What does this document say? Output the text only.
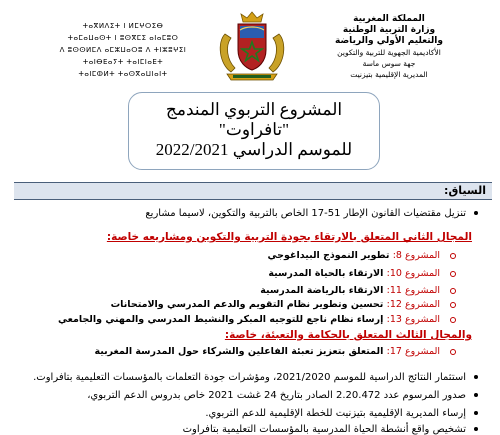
المملكة المغربية
وزارة التربية الوطنية
والتعليم الأولي والرياضة
الأكاديمية الجهوية للتربية والتكوين
جهة سوس ماسة
المديرية الإقليمية بتيزنيت
ⵜⴰⴳⵍⴷⵉⵜ ⵏ ⵍⵎⵖⵔⵉⴱ
ⵜⴰⵎⴰⵡⴰⵙⵜ ⵏ ⵓⵙⴳⵎⵉ ⴰⵏⴰⵎⵓⵔ
ⴷ ⵓⵙⵙⵍⵎⴷ ⴰⵎⵣⵡⴰⵔⵓ ⴷ ⵜⵏⵣⵓⵖⵉⵏ
ⵜⴰⵏⴱⴹⴰⵢⵜ ⵜⴰⵏⵎⵏⴰⴹⵜ
ⵜⴰⵏⵎⵀⵍⵜ ⵜⴰⵙⴳⴰⵡⵏⴰⵏⵜ
المشروع التربوي المندمج
"تافراوت"
للموسم الدراسي 2022/2021
السياق:
تنزيل مقتضيات القانون الإطار 51-17 الخاص بالتربية والتكوين، لاسيما مشاريع
المجال الثاني المتعلق بالارتقاء بجودة التربية والتكوين ومشاريعه خاصة:
المشروع 8: تطوير النموذج البيداغوجي
المشروع 10: الارتقاء بالحياة المدرسية
المشروع 11: الارتقاء بالرياضة المدرسية
المشروع 12: تحسين وتطوير نظام التقويم والدعم المدرسي والامتحانات
المشروع 13: إرساء نظام ناجع للتوجيه المبكر والنشيط المدرسي والمهني والجامعي
والمجال الثالث المتعلق بالحكامة والتعبئة، خاصة:
المشروع 17: المتعلق بتعزيز تعبئة الفاعلين والشركاء حول المدرسة المغربية
استثمار النتائج الدراسية للموسم 2021/2020، ومؤشرات جودة التعلمات بالمؤسسات التعليمية بتافراوت.
صدور المرسوم عدد 2.20.472 الصادر بتاريخ 24 غشت 2021 خاص بدروس الدعم التربوي،
إرساء المديرية الإقليمية بتيزنيت للخطة الإقليمية للدعم التربوي.
تشخيص واقع أنشطة الحياة المدرسية بالمؤسسات التعليمية بتافراوت
